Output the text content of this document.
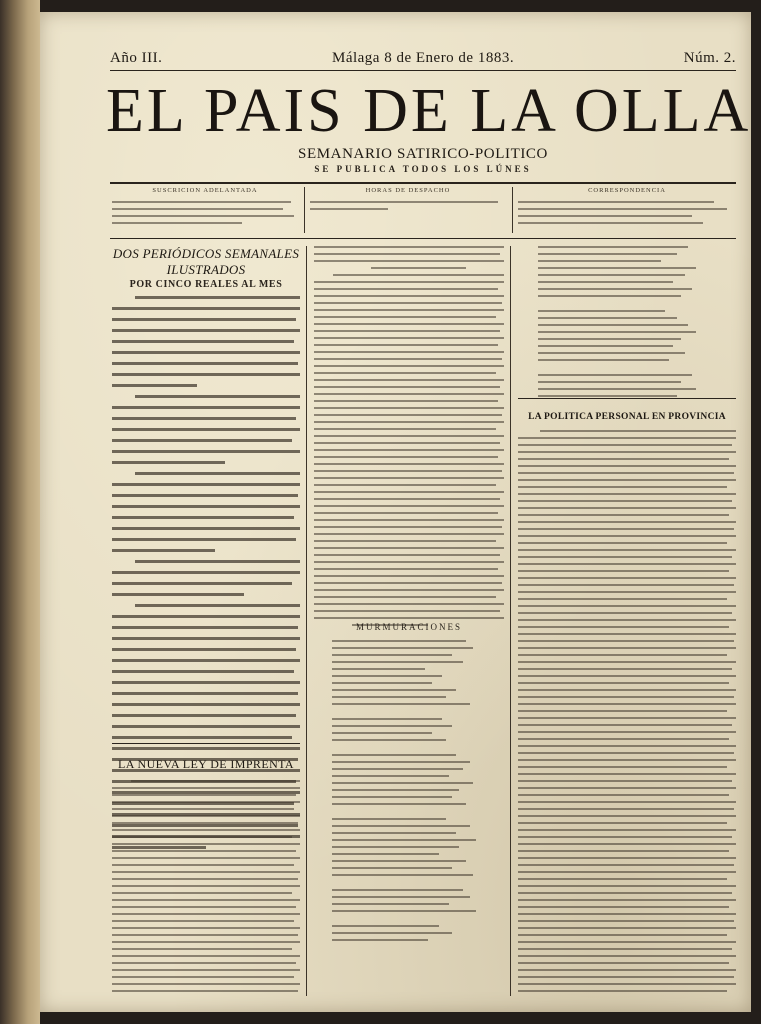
Año III.	Málaga 8 de Enero de 1883.	Núm. 2.
EL PAIS DE LA OLLA
SEMANARIO SATIRICO-POLITICO
SE PUBLICA TODOS LOS LÚNES
SUSCRICION ADELANTADA	HORAS DE DESPACHO	CORRESPONDENCIA
DOS PERIÓDICOS SEMANALES ILUSTRADOS
POR CINCO REALES AL MES
LA NUEVA LEY DE IMPRENTA
MURMURACIONES
LA POLITICA PERSONAL EN PROVINCIA
